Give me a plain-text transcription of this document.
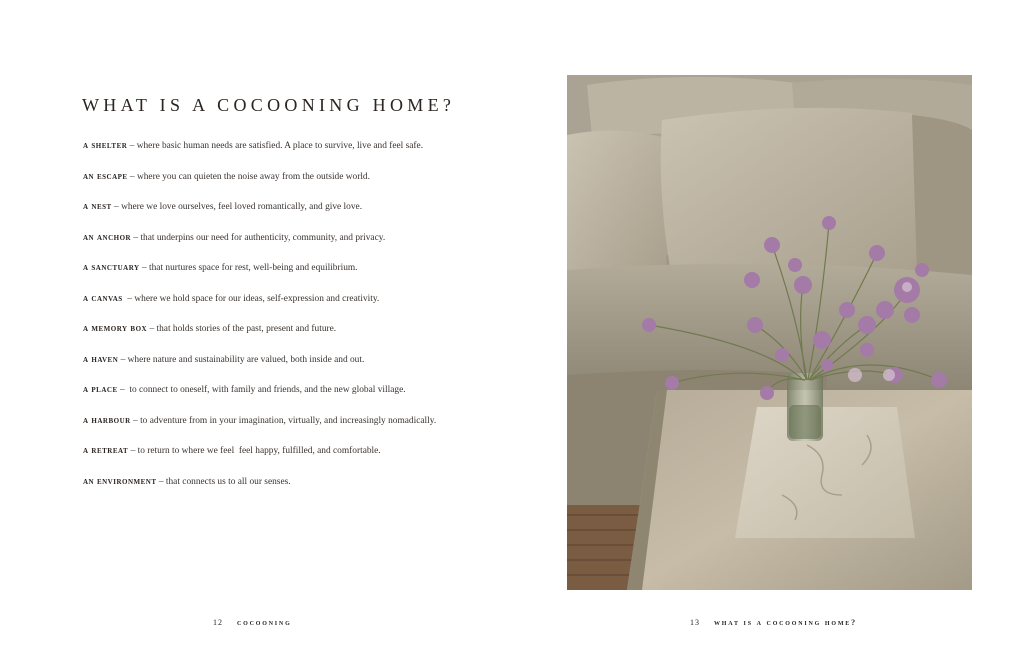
WHAT IS A COCOONING HOME?
a shelter – where basic human needs are satisfied. A place to survive, live and feel safe.
an escape – where you can quieten the noise away from the outside world.
a nest – where we love ourselves, feel loved romantically, and give love.
an anchor – that underpins our need for authenticity, community, and privacy.
a sanctuary – that nurtures space for rest, well-being and equilibrium.
a canvas  – where we hold space for our ideas, self-expression and creativity.
a memory box – that holds stories of the past, present and future.
a haven – where nature and sustainability are valued, both inside and out.
a place –  to connect to oneself, with family and friends, and the new global village.
a harbour – to adventure from in your imagination, virtually, and increasingly nomadically.
a retreat – to return to where we feel  feel happy, fulfilled, and comfortable.
an environment – that connects us to all our senses.
12 cocooning	13 what is a cocooning home?
